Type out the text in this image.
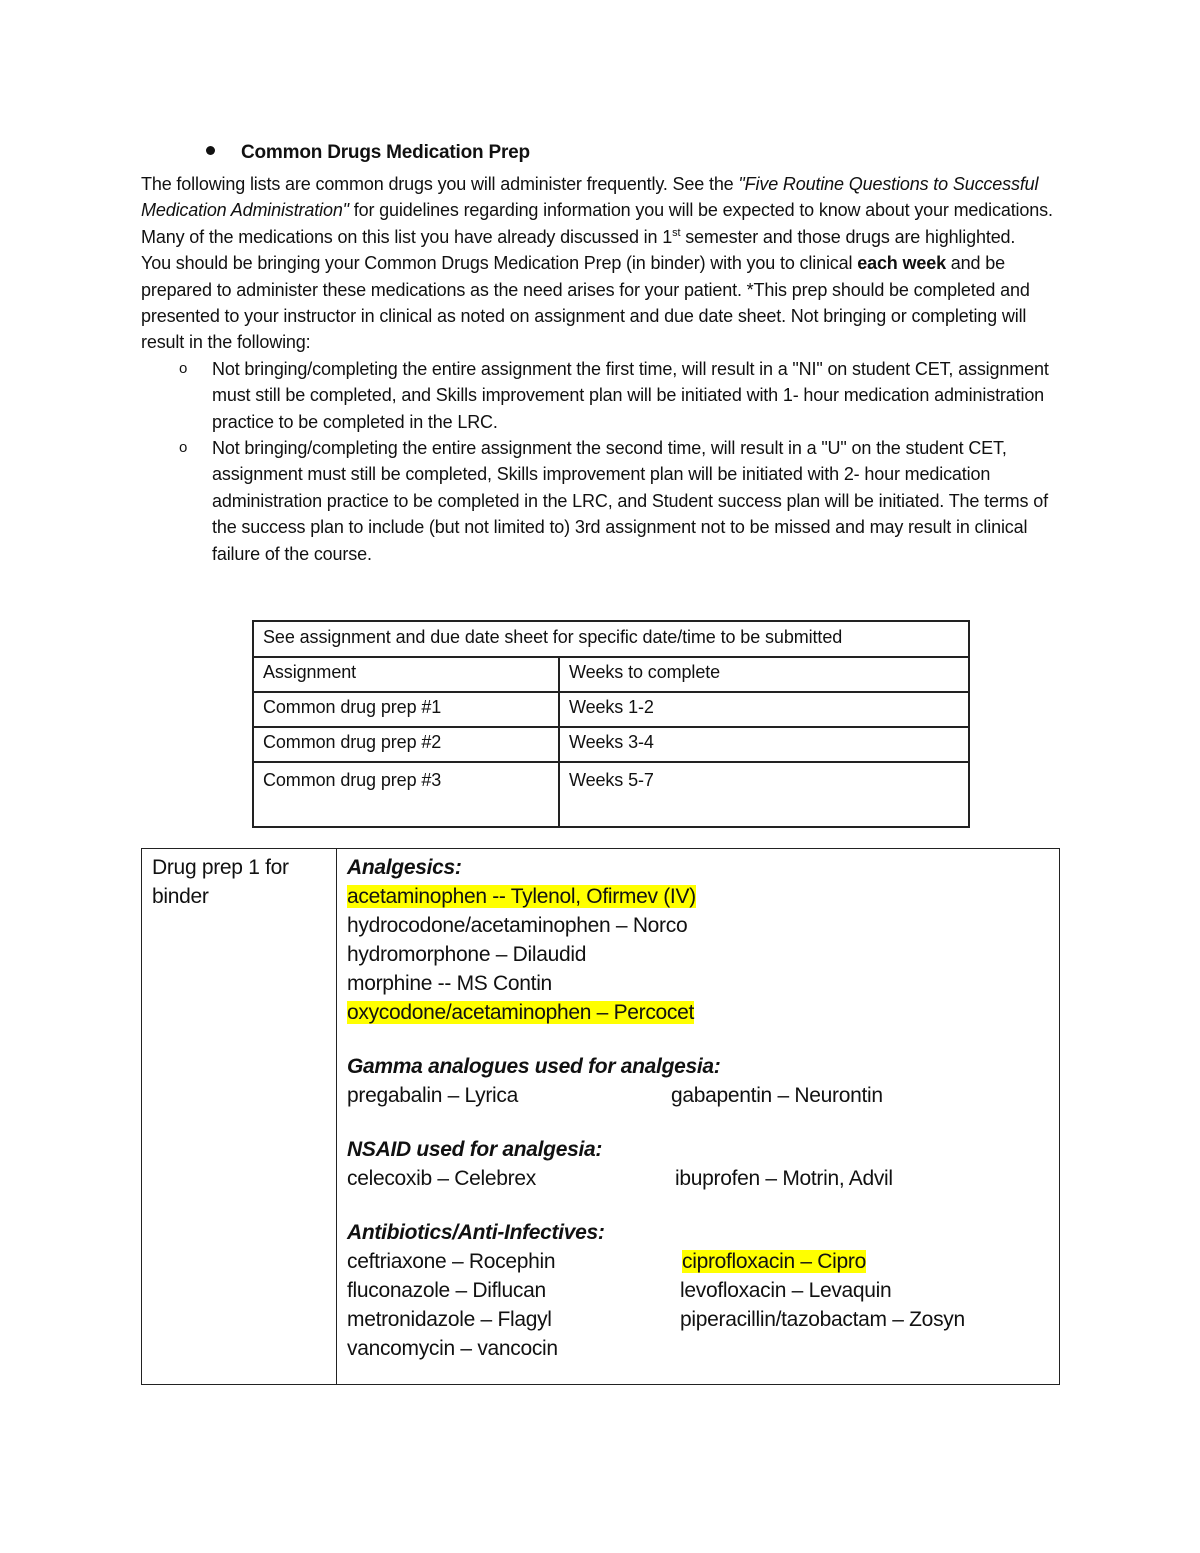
Common Drugs Medication Prep

The following lists are common drugs you will administer frequently. See the "Five Routine Questions to Successful Medication Administration" for guidelines regarding information you will be expected to know about your medications. Many of the medications on this list you have already discussed in 1st semester and those drugs are highlighted.

You should be bringing your Common Drugs Medication Prep (in binder) with you to clinical each week and be prepared to administer these medications as the need arises for your patient. *This prep should be completed and presented to your instructor in clinical as noted on assignment and due date sheet. Not bringing or completing will result in the following:

o Not bringing/completing the entire assignment the first time, will result in a "NI" on student CET, assignment must still be completed, and Skills improvement plan will be initiated with 1- hour medication administration practice to be completed in the LRC.
o Not bringing/completing the entire assignment the second time, will result in a "U" on the student CET, assignment must still be completed, Skills improvement plan will be initiated with 2- hour medication administration practice to be completed in the LRC, and Student success plan will be initiated. The terms of the success plan to include (but not limited to) 3rd assignment not to be missed and may result in clinical failure of the course.
See assignment and due date sheet for specific date/time to be submitted	
Assignment	Weeks to complete
Common drug prep #1	Weeks 1-2
Common drug prep #2	Weeks 3-4
Common drug prep #3	Weeks 5-7
Drug prep 1 for binder	
Analgesics:
acetaminophen -- Tylenol, Ofirmev (IV)
hydrocodone/acetaminophen – Norco
hydromorphone – Dilaudid
morphine -- MS Contin
oxycodone/acetaminophen – Percocet
Gamma analogues used for analgesia:
pregabalin – Lyrica	gabapentin – Neurontin
NSAID used for analgesia:
celecoxib – Celebrex	ibuprofen – Motrin, Advil
Antibiotics/Anti-Infectives:
ceftriaxone – Rocephin	ciprofloxacin – Cipro
fluconazole – Diflucan	levofloxacin – Levaquin
metronidazole – Flagyl	piperacillin/tazobactam – Zosyn
vancomycin – vancocin
